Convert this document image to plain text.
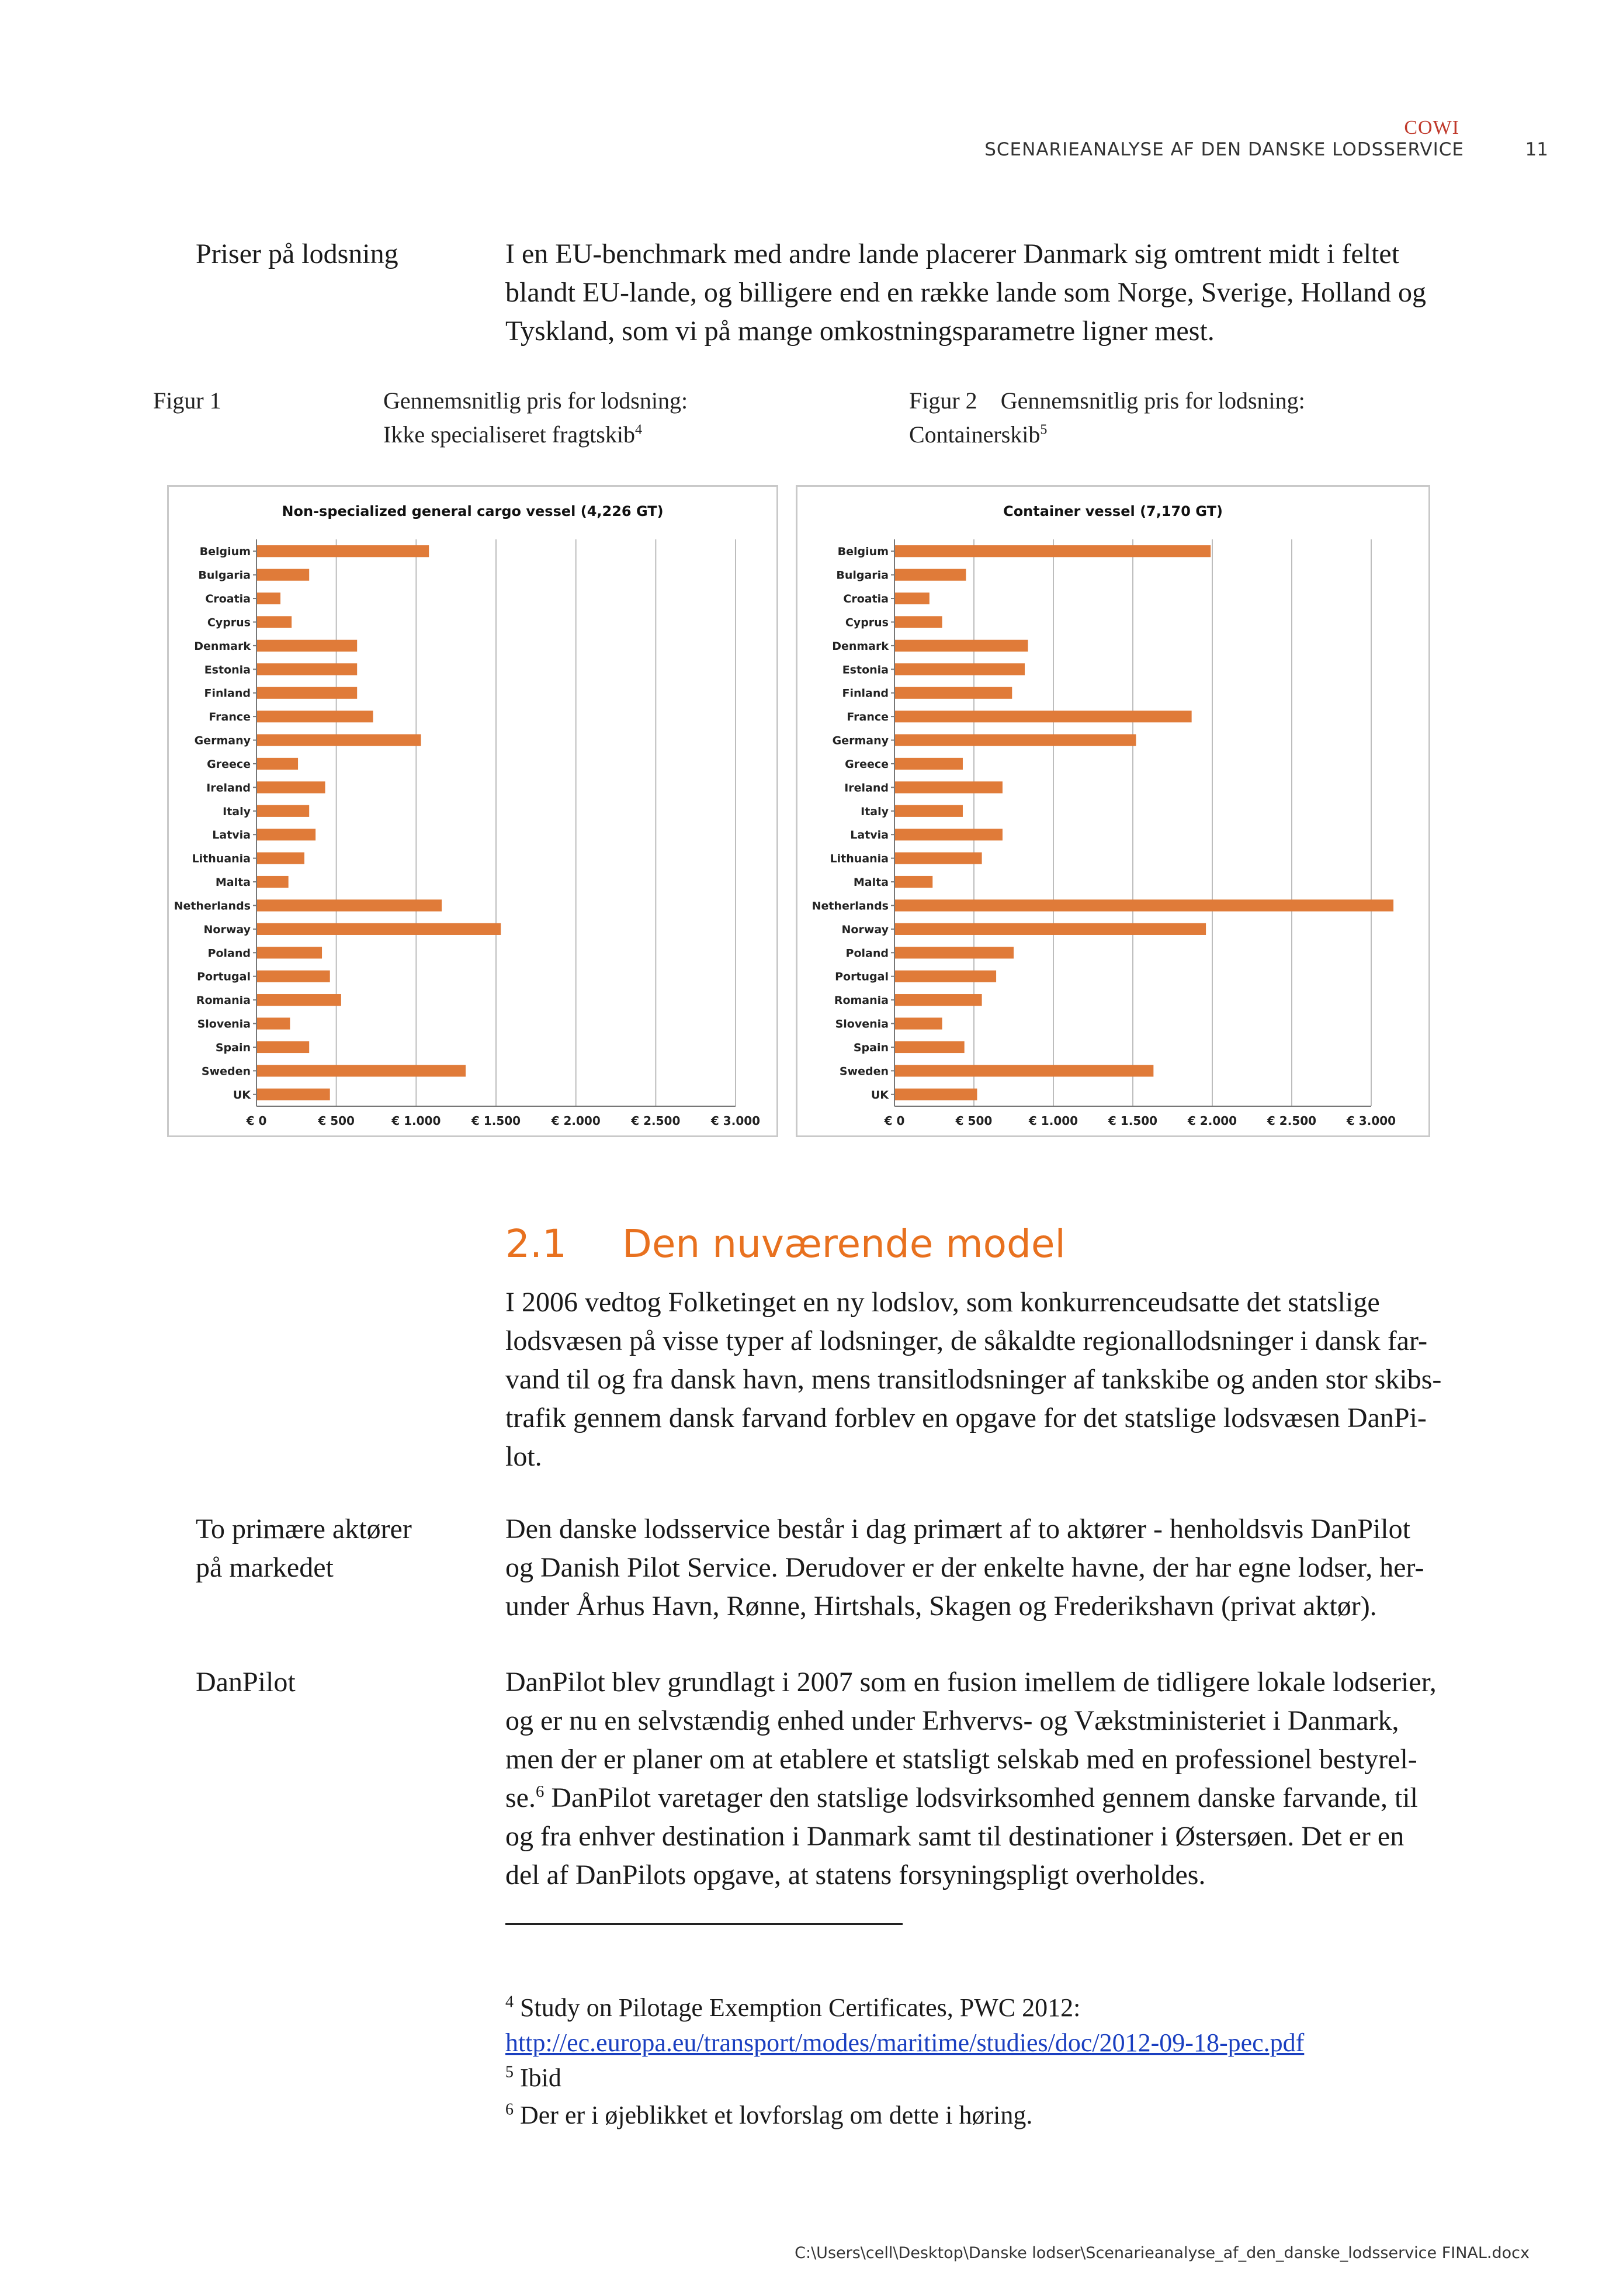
COWI
SCENARIEANALYSE AF DEN DANSKE LODSSERVICE	11
Priser på lodsning	I en EU-benchmark med andre lande placerer Danmark sig omtrent midt i feltet
blandt EU-lande, og billigere end en række lande som Norge, Sverige, Holland og
Tyskland, som vi på mange omkostningsparametre ligner mest.
Figur 1	Gennemsnitlig pris for lodsning:
Ikke specialiseret fragtskib$^4$
Figur 2 Gennemsnitlig pris for lodsning:
Containerskib$^5$
Non-specialized general cargo vessel (4,226 GT)
€ 0	€ 500	€ 1.000	€ 1.500	€ 2.000	€ 2.500	€ 3.000
Belgium
Bulgaria
Croatia
Cyprus
Denmark
Estonia
Finland
France
Germany
Greece
Ireland
Italy
Latvia
Lithuania
Malta
Netherlands
Norway
Poland
Portugal
Romania
Slovenia
Spain
Sweden
UK
Container vessel (7,170 GT)
€ 0	€ 500	€ 1.000	€ 1.500	€ 2.000	€ 2.500	€ 3.000
Belgium
Bulgaria
Croatia
Cyprus
Denmark
Estonia
Finland
France
Germany
Greece
Ireland
Italy
Latvia
Lithuania
Malta
Netherlands
Norway
Poland
Portugal
Romania
Slovenia
Spain
Sweden
UK
2.1 Den nuværende model
I 2006 vedtog Folketinget en ny lodslov, som konkurrenceudsatte det statslige
lodsvæsen på visse typer af lodsninger, de såkaldte regionallodsninger i dansk far-
vand til og fra dansk havn, mens transitlodsninger af tankskibe og anden stor skibs-
trafik gennem dansk farvand forblev en opgave for det statslige lodsvæsen DanPi-
lot.
To primære aktører
på markedet
Den danske lodsservice består i dag primært af to aktører - henholdsvis DanPilot
og Danish Pilot Service. Derudover er der enkelte havne, der har egne lodser, her-
under Århus Havn, Rønne, Hirtshals, Skagen og Frederikshavn (privat aktør).
DanPilot	DanPilot blev grundlagt i 2007 som en fusion imellem de tidligere lokale lodserier,
og er nu en selvstændig enhed under Erhvervs- og Vækstministeriet i Danmark,
men der er planer om at etablere et statsligt selskab med en professionel bestyrel-
se.$^6$ DanPilot varetager den statslige lodsvirksomhed gennem danske farvande, til
og fra enhver destination i Danmark samt til destinationer i Østersøen. Det er en
del af DanPilots opgave, at statens forsyningspligt overholdes.
$^4$ Study on Pilotage Exemption Certificates, PWC 2012:
http://ec.europa.eu/transport/modes/maritime/studies/doc/2012-09-18-pec.pdf
$^5$ Ibid
$^6$ Der er i øjeblikket et lovforslag om dette i høring.
C:\Users\cell\Desktop\Danske lodser\Scenarieanalyse_af_den_danske_lodsservice FINAL.docx
